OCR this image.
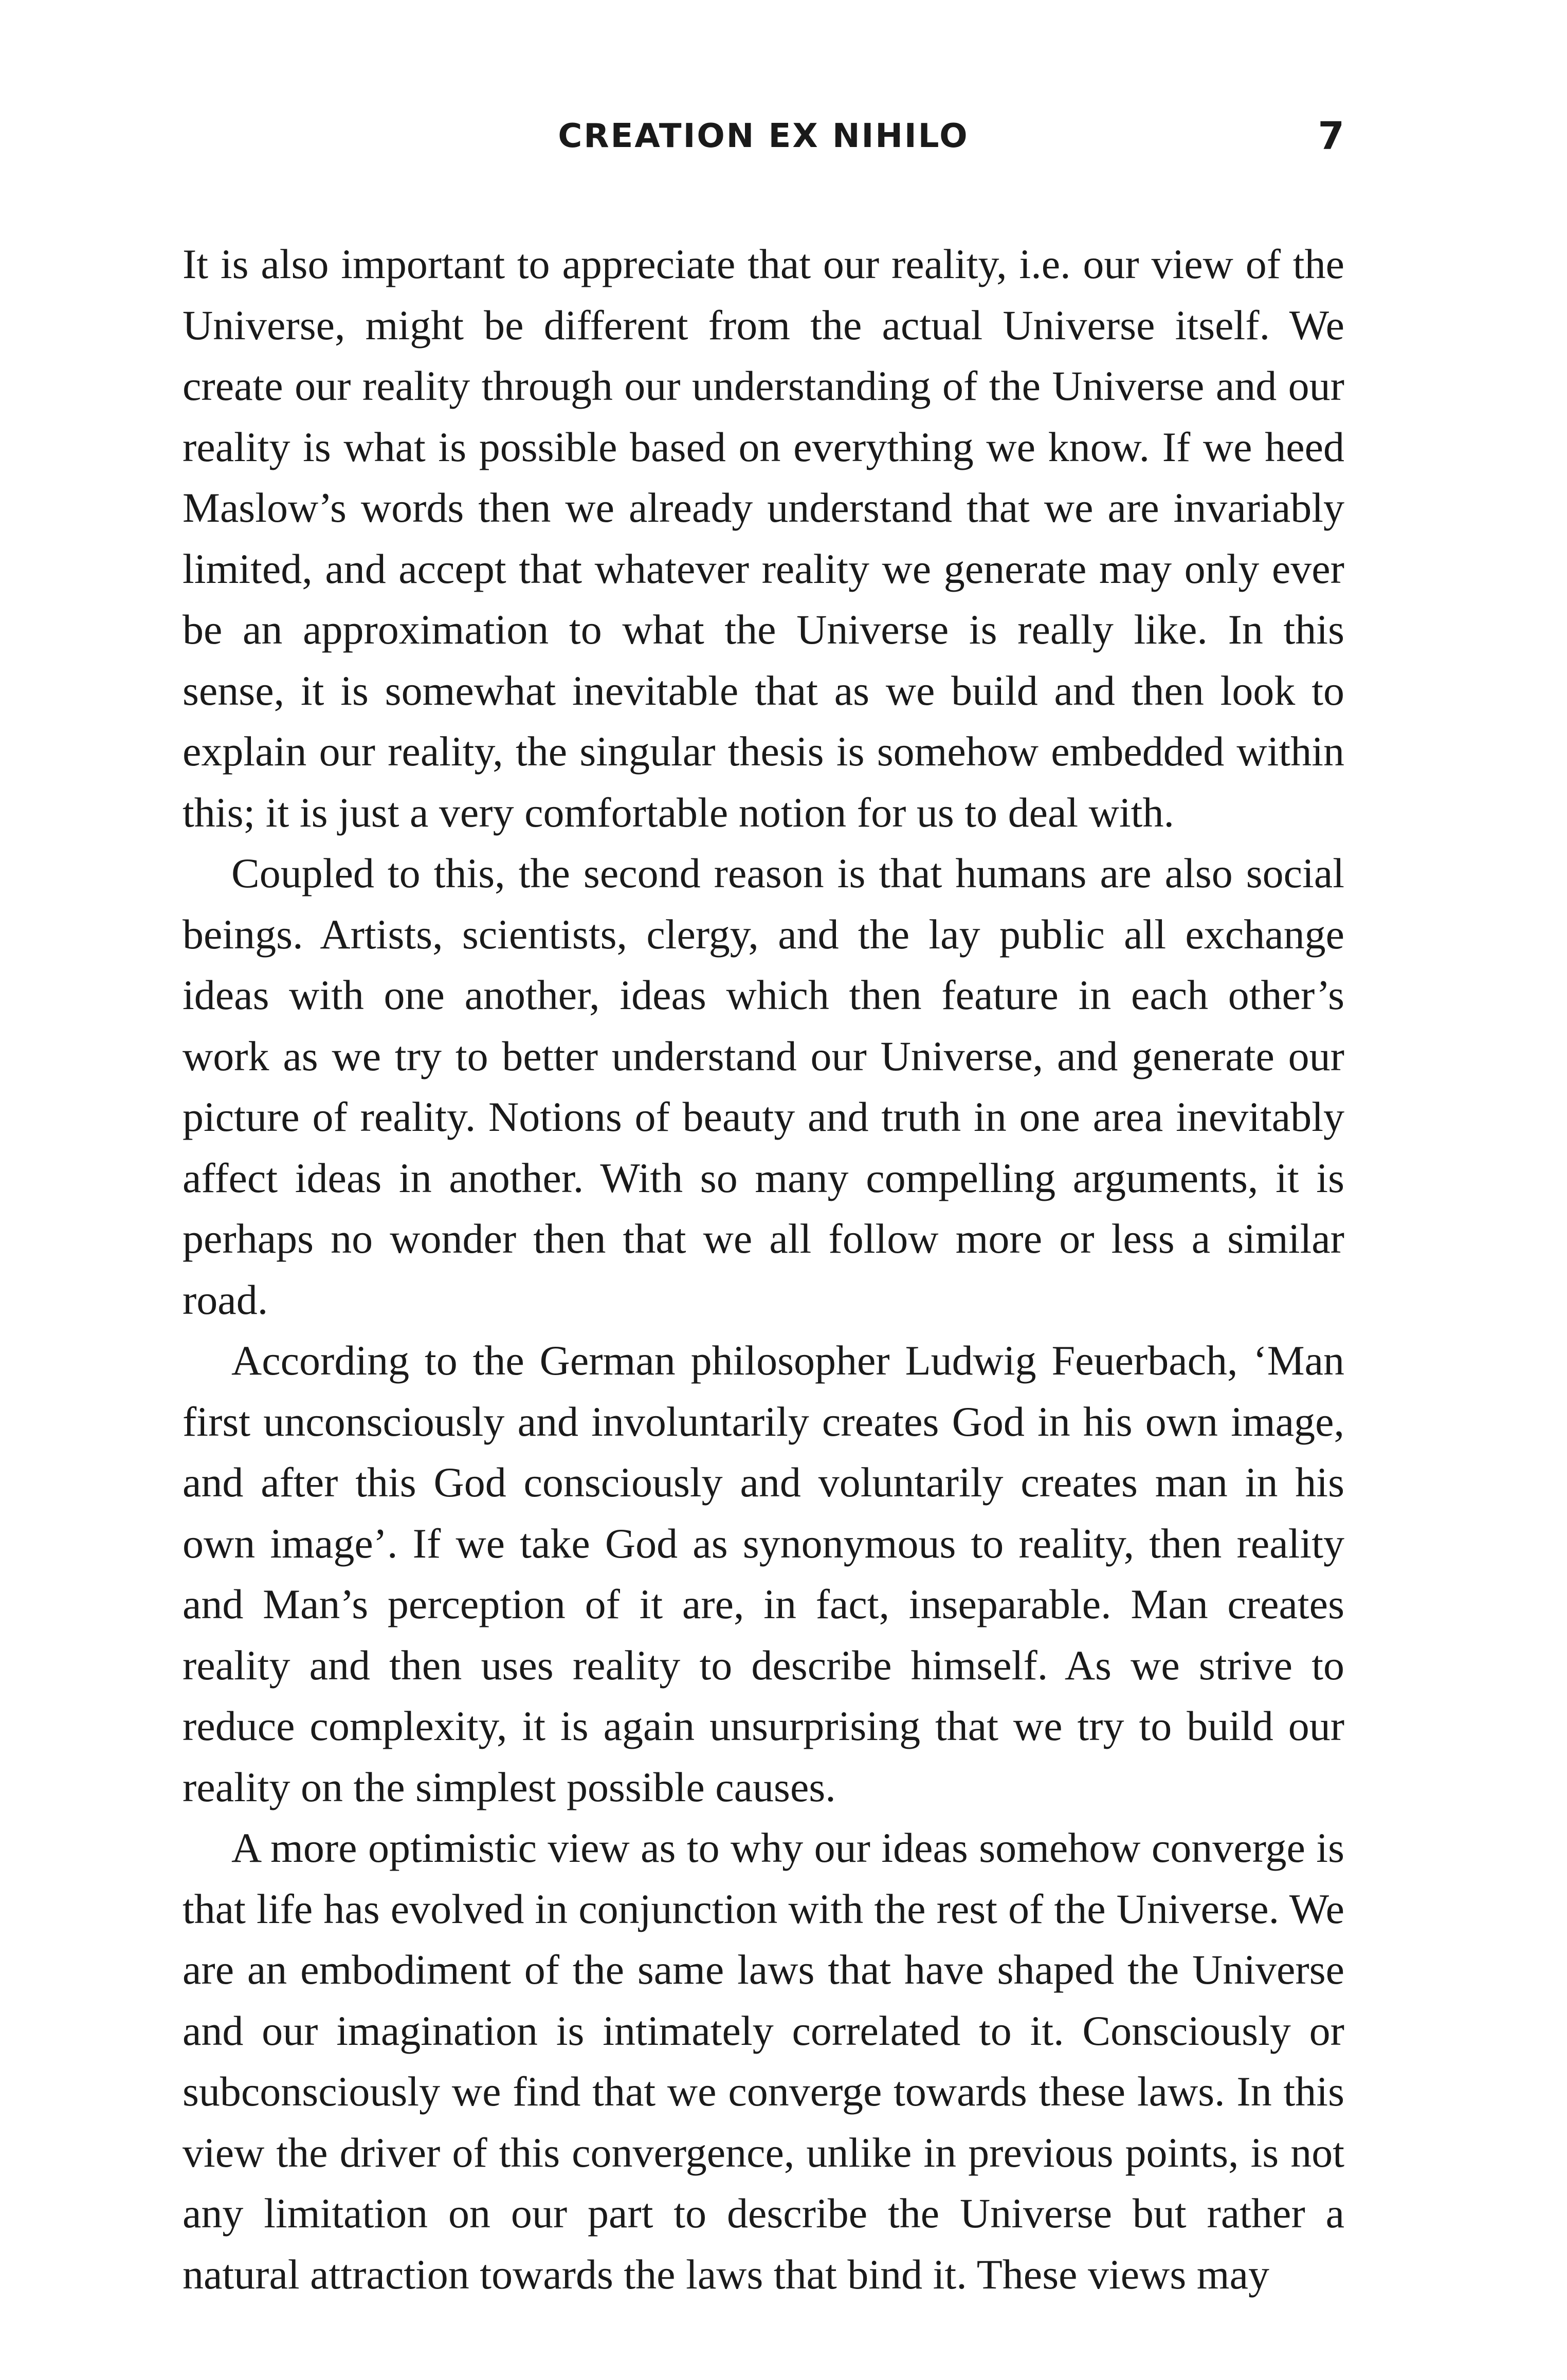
CREATION EX NIHILO	7

It is also important to appreciate that our reality, i.e. our view of the Universe, might be different from the actual Universe itself. We create our reality through our understanding of the Universe and our reality is what is possible based on everything we know. If we heed Maslow’s words then we already understand that we are invariably limited, and accept that whatever reality we generate may only ever be an approximation to what the Universe is really like. In this sense, it is somewhat inevitable that as we build and then look to explain our reality, the singular thesis is somehow embedded within this; it is just a very comfortable notion for us to deal with.

Coupled to this, the second reason is that humans are also social beings. Artists, scientists, clergy, and the lay public all exchange ideas with one another, ideas which then feature in each other’s work as we try to better understand our Universe, and generate our picture of reality. Notions of beauty and truth in one area inevitably affect ideas in another. With so many compelling arguments, it is perhaps no wonder then that we all follow more or less a similar road.

According to the German philosopher Ludwig Feuerbach, ‘Man first unconsciously and involuntarily creates God in his own image, and after this God consciously and voluntarily creates man in his own image’. If we take God as synonymous to reality, then reality and Man’s perception of it are, in fact, inseparable. Man creates reality and then uses reality to describe himself. As we strive to reduce complexity, it is again unsurprising that we try to build our reality on the simplest possible causes.

A more optimistic view as to why our ideas somehow converge is that life has evolved in conjunction with the rest of the Universe. We are an embodiment of the same laws that have shaped the Universe and our imagination is intimately correlated to it. Consciously or subconsciously we find that we converge towards these laws. In this view the driver of this convergence, unlike in previous points, is not any limitation on our part to describe the Universe but rather a natural attraction towards the laws that bind it. These views may
